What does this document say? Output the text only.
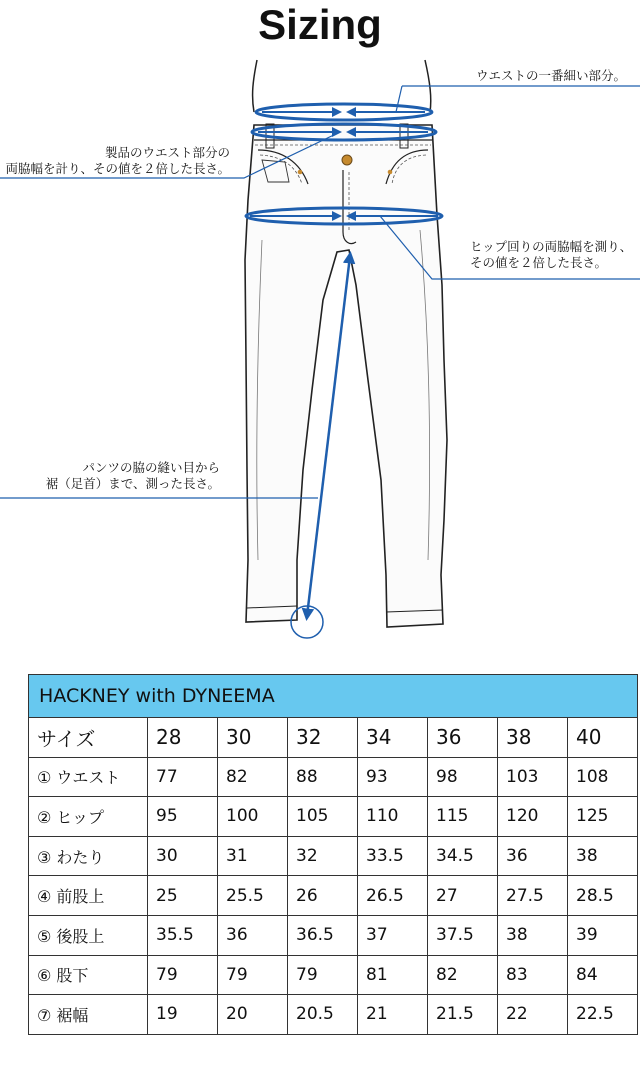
Sizing
ウエストの一番細い部分。
製品のウエスト部分の
両脇幅を計り、その値を２倍した長さ。
ヒップ回りの両脇幅を測り、
その値を２倍した長さ。
パンツの脇の縫い目から
裾（足首）まで、測った長さ。
HACKNEY with DYNEEMA							
サイズ	28	30	32	34	36	38	40
① ウエスト	77	82	88	93	98	103	108
② ヒップ	95	100	105	110	115	120	125
③ わたり	30	31	32	33.5	34.5	36	38
④ 前股上	25	25.5	26	26.5	27	27.5	28.5
⑤ 後股上	35.5	36	36.5	37	37.5	38	39
⑥ 股下	79	79	79	81	82	83	84
⑦ 裾幅	19	20	20.5	21	21.5	22	22.5
